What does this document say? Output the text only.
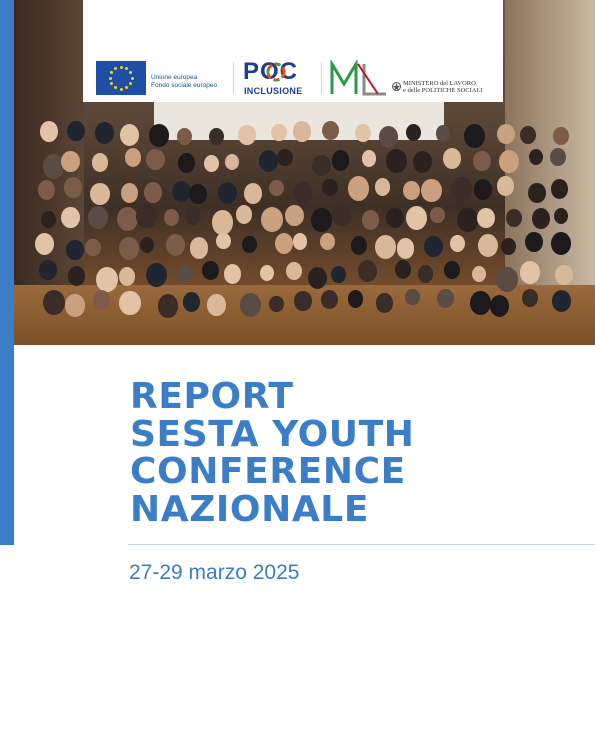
Unione europea
Fondo sociale europeo
POC
INCLUSIONE
MINISTERO del LAVORO
e delle POLITICHE SOCIALI
REPORT
SESTA YOUTH
CONFERENCE
NAZIONALE
27-29 marzo 2025
